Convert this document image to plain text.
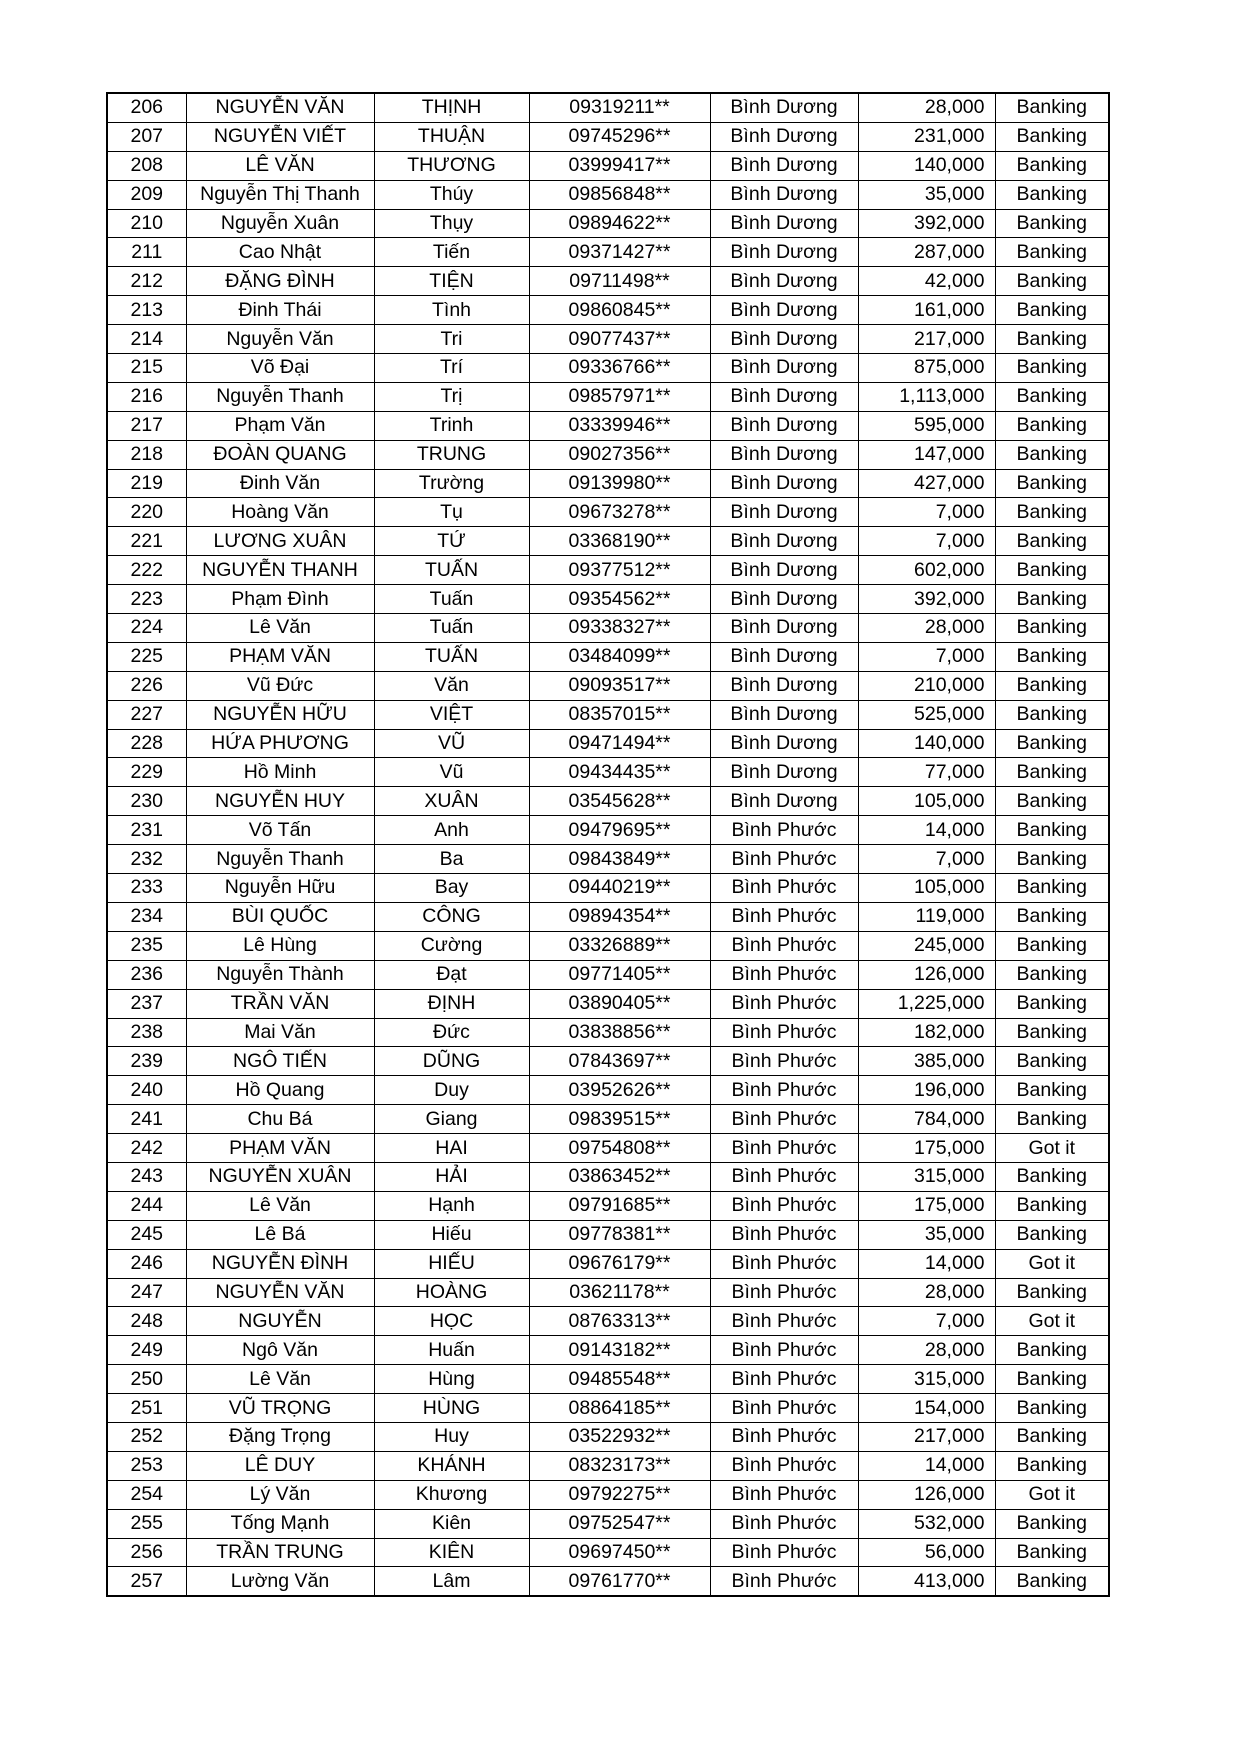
206	NGUYỄN VĂN	THỊNH	09319211**	Bình Dương	28,000	Banking
207	NGUYỄN VIẾT	THUẬN	09745296**	Bình Dương	231,000	Banking
208	LÊ VĂN	THƯƠNG	03999417**	Bình Dương	140,000	Banking
209	Nguyễn Thị Thanh	Thúy	09856848**	Bình Dương	35,000	Banking
210	Nguyễn Xuân	Thụy	09894622**	Bình Dương	392,000	Banking
211	Cao Nhật	Tiến	09371427**	Bình Dương	287,000	Banking
212	ĐẶNG ĐÌNH	TIỆN	09711498**	Bình Dương	42,000	Banking
213	Đinh Thái	Tình	09860845**	Bình Dương	161,000	Banking
214	Nguyễn Văn	Tri	09077437**	Bình Dương	217,000	Banking
215	Võ Đại	Trí	09336766**	Bình Dương	875,000	Banking
216	Nguyễn Thanh	Trị	09857971**	Bình Dương	1,113,000	Banking
217	Phạm Văn	Trinh	03339946**	Bình Dương	595,000	Banking
218	ĐOÀN QUANG	TRUNG	09027356**	Bình Dương	147,000	Banking
219	Đinh Văn	Trường	09139980**	Bình Dương	427,000	Banking
220	Hoàng Văn	Tụ	09673278**	Bình Dương	7,000	Banking
221	LƯƠNG XUÂN	TỨ	03368190**	Bình Dương	7,000	Banking
222	NGUYỄN THANH	TUẤN	09377512**	Bình Dương	602,000	Banking
223	Phạm Đình	Tuấn	09354562**	Bình Dương	392,000	Banking
224	Lê Văn	Tuấn	09338327**	Bình Dương	28,000	Banking
225	PHẠM VĂN	TUẤN	03484099**	Bình Dương	7,000	Banking
226	Vũ Đức	Văn	09093517**	Bình Dương	210,000	Banking
227	NGUYỄN HỮU	VIỆT	08357015**	Bình Dương	525,000	Banking
228	HỨA PHƯƠNG	VŨ	09471494**	Bình Dương	140,000	Banking
229	Hồ Minh	Vũ	09434435**	Bình Dương	77,000	Banking
230	NGUYỄN HUY	XUÂN	03545628**	Bình Dương	105,000	Banking
231	Võ Tấn	Anh	09479695**	Bình Phước	14,000	Banking
232	Nguyễn Thanh	Ba	09843849**	Bình Phước	7,000	Banking
233	Nguyễn Hữu	Bay	09440219**	Bình Phước	105,000	Banking
234	BÙI QUỐC	CÔNG	09894354**	Bình Phước	119,000	Banking
235	Lê Hùng	Cường	03326889**	Bình Phước	245,000	Banking
236	Nguyễn Thành	Đạt	09771405**	Bình Phước	126,000	Banking
237	TRẦN VĂN	ĐỊNH	03890405**	Bình Phước	1,225,000	Banking
238	Mai Văn	Đức	03838856**	Bình Phước	182,000	Banking
239	NGÔ TIẾN	DŨNG	07843697**	Bình Phước	385,000	Banking
240	Hồ Quang	Duy	03952626**	Bình Phước	196,000	Banking
241	Chu Bá	Giang	09839515**	Bình Phước	784,000	Banking
242	PHẠM VĂN	HAI	09754808**	Bình Phước	175,000	Got it
243	NGUYỄN XUÂN	HẢI	03863452**	Bình Phước	315,000	Banking
244	Lê Văn	Hạnh	09791685**	Bình Phước	175,000	Banking
245	Lê Bá	Hiếu	09778381**	Bình Phước	35,000	Banking
246	NGUYỄN ĐÌNH	HIẾU	09676179**	Bình Phước	14,000	Got it
247	NGUYỄN VĂN	HOÀNG	03621178**	Bình Phước	28,000	Banking
248	NGUYỄN	HỌC	08763313**	Bình Phước	7,000	Got it
249	Ngô Văn	Huấn	09143182**	Bình Phước	28,000	Banking
250	Lê Văn	Hùng	09485548**	Bình Phước	315,000	Banking
251	VŨ TRỌNG	HÙNG	08864185**	Bình Phước	154,000	Banking
252	Đặng Trọng	Huy	03522932**	Bình Phước	217,000	Banking
253	LÊ DUY	KHÁNH	08323173**	Bình Phước	14,000	Banking
254	Lý Văn	Khương	09792275**	Bình Phước	126,000	Got it
255	Tống Mạnh	Kiên	09752547**	Bình Phước	532,000	Banking
256	TRẦN TRUNG	KIÊN	09697450**	Bình Phước	56,000	Banking
257	Lường Văn	Lâm	09761770**	Bình Phước	413,000	Banking
